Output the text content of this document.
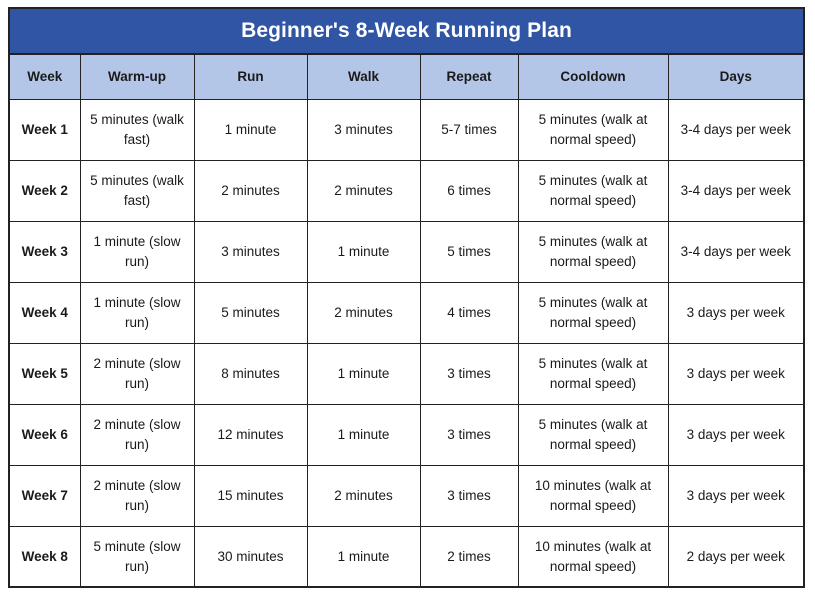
Beginner's 8-Week Running Plan
Week	Warm-up	Run	Walk	Repeat	Cooldown	Days
Week 1	5 minutes (walk fast)	1 minute	3 minutes	5-7 times	5 minutes (walk at normal speed)	3-4 days per week
Week 2	5 minutes (walk fast)	2 minutes	2 minutes	6 times	5 minutes (walk at normal speed)	3-4 days per week
Week 3	1 minute (slow run)	3 minutes	1 minute	5 times	5 minutes (walk at normal speed)	3-4 days per week
Week 4	1 minute (slow run)	5 minutes	2 minutes	4 times	5 minutes (walk at normal speed)	3 days per week
Week 5	2 minute (slow run)	8 minutes	1 minute	3 times	5 minutes (walk at normal speed)	3 days per week
Week 6	2 minute (slow run)	12 minutes	1 minute	3 times	5 minutes (walk at normal speed)	3 days per week
Week 7	2 minute (slow run)	15 minutes	2 minutes	3 times	10 minutes (walk at normal speed)	3 days per week
Week 8	5 minute (slow run)	30 minutes	1 minute	2 times	10 minutes (walk at normal speed)	2 days per week
